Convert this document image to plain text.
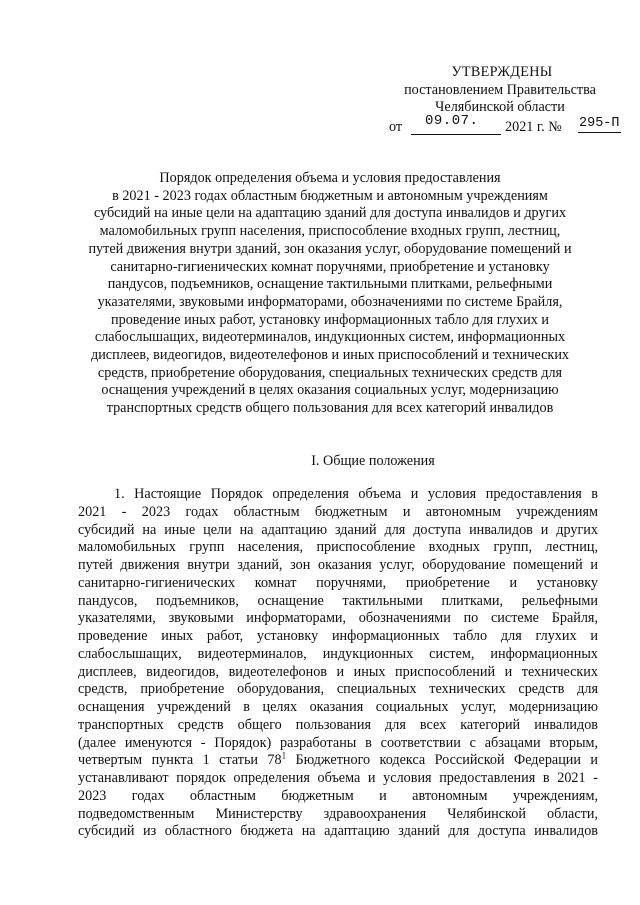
УТВЕРЖДЕНЫ
постановлением Правительства
Челябинской области
от 09.07. 2021 г. № 295-П
Порядок определения объема и условия предоставления
в 2021 - 2023 годах областным бюджетным и автономным учреждениям
субсидий на иные цели на адаптацию зданий для доступа инвалидов и других
маломобильных групп населения, приспособление входных групп, лестниц,
путей движения внутри зданий, зон оказания услуг, оборудование помещений и
санитарно-гигиенических комнат поручнями, приобретение и установку
пандусов, подъемников, оснащение тактильными плитками, рельефными
указателями, звуковыми информаторами, обозначениями по системе Брайля,
проведение иных работ, установку информационных табло для глухих и
слабослышащих, видеотерминалов, индукционных систем, информационных
дисплеев, видеогидов, видеотелефонов и иных приспособлений и технических
средств, приобретение оборудования, специальных технических средств для
оснащения учреждений в целях оказания социальных услуг, модернизацию
транспортных средств общего пользования для всех категорий инвалидов
I. Общие положения
1. Настоящие Порядок определения объема и условия предоставления в
2021 - 2023 годах областным бюджетным и автономным учреждениям
субсидий на иные цели на адаптацию зданий для доступа инвалидов и других
маломобильных групп населения, приспособление входных групп, лестниц,
путей движения внутри зданий, зон оказания услуг, оборудование помещений и
санитарно-гигиенических комнат поручнями, приобретение и установку
пандусов, подъемников, оснащение тактильными плитками, рельефными
указателями, звуковыми информаторами, обозначениями по системе Брайля,
проведение иных работ, установку информационных табло для глухих и
слабослышащих, видеотерминалов, индукционных систем, информационных
дисплеев, видеогидов, видеотелефонов и иных приспособлений и технических
средств, приобретение оборудования, специальных технических средств для
оснащения учреждений в целях оказания социальных услуг, модернизацию
транспортных средств общего пользования для всех категорий инвалидов
(далее именуются - Порядок) разработаны в соответствии с абзацами вторым,
четвертым пункта 1 статьи $78^1$ Бюджетного кодекса Российской Федерации и
устанавливают порядок определения объема и условия предоставления в 2021 -
2023 годах областным бюджетным и автономным учреждениям,
подведомственным Министерству здравоохранения Челябинской области,
субсидий из областного бюджета на адаптацию зданий для доступа инвалидов
